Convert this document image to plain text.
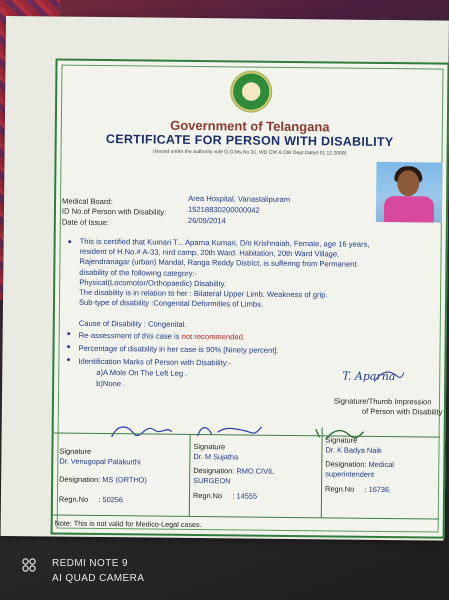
Government of Telangana
CERTIFICATE FOR PERSON WITH DISABILITY
(Issued under the authority vide G.O.Ms.No.31, WD CW & DW Dept.Dated 01.12.2009)
Medical Board:	Area Hospital, Vanastalipuram
ID No.of Person with Disability:	15218830200000042
Date of Issue:	26/09/2014
● This is certified that Kumari T... Aparna Kumari, D/o Krishnaiah, Female, age 16 years,
resident of H.No.# A-33, nird camp, 20th Ward. Habitation, 20th Ward Village,
Rajendranagar (urban) Mandal, Ranga Reddy District, is suffering from Permanent
disability of the following category:-
Physical(Locomotor/Orthopaedic) Disability.
The disability is in relation to her : Bilateral Upper Limb. Weakness of grip.
Sub-type of disability :Congenital Deformities of Limbs.
Cause of Disability : Congenital.
● Re-assessment of this case is not recommended.
● Percentage of disability in her case is 90% [Ninety percent].
● Identification Marks of Person with Disability:-
a)A Mole On The Left Leg .
b)None .
T. Aparna
Signature/Thumb Impression
of Person with Disability
Signature
Dr. Venugopal Palakurthi
Designation: MS (ORTHO)
Regn.No     : 50256
Signature
Dr. M Sujatha
Designation: RMO CIVIL
SURGEON
Regn.No     : 14555
Signature
Dr. K Badya Naik
Designation: Medical
superintendent
Regn.No     : 16736
Note: This is not valid for Medico-Legal cases.
REDMI NOTE 9
AI QUAD CAMERA
